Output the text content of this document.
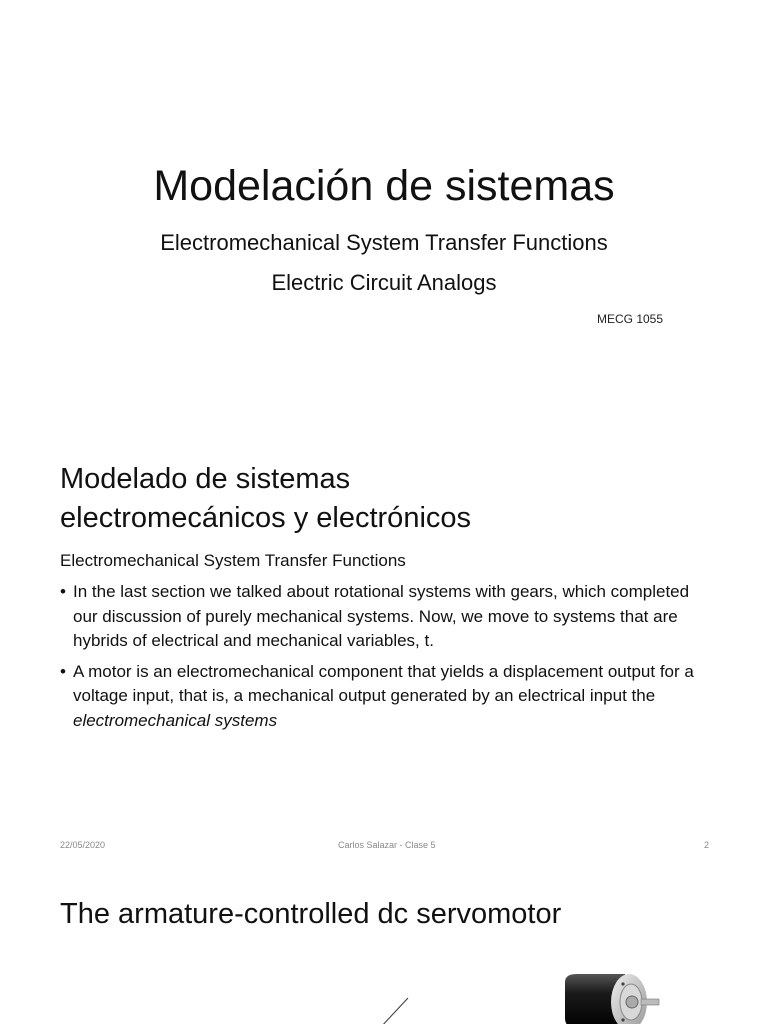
Modelación de sistemas

Electromechanical System Transfer Functions

Electric Circuit Analogs

MECG 1055
Modelado de sistemas
electromecánicos y electrónicos
Electromechanical System Transfer Functions
• In the last section we talked about rotational systems with gears, which completed our discussion of purely mechanical systems. Now, we move to systems that are hybrids of electrical and mechanical variables, t.
• A motor is an electromechanical component that yields a displacement output for a voltage input, that is, a mechanical output generated by an electrical input the electromechanical systems
22/05/2020	Carlos Salazar - Clase 5	2
The armature-controlled dc servomotor
